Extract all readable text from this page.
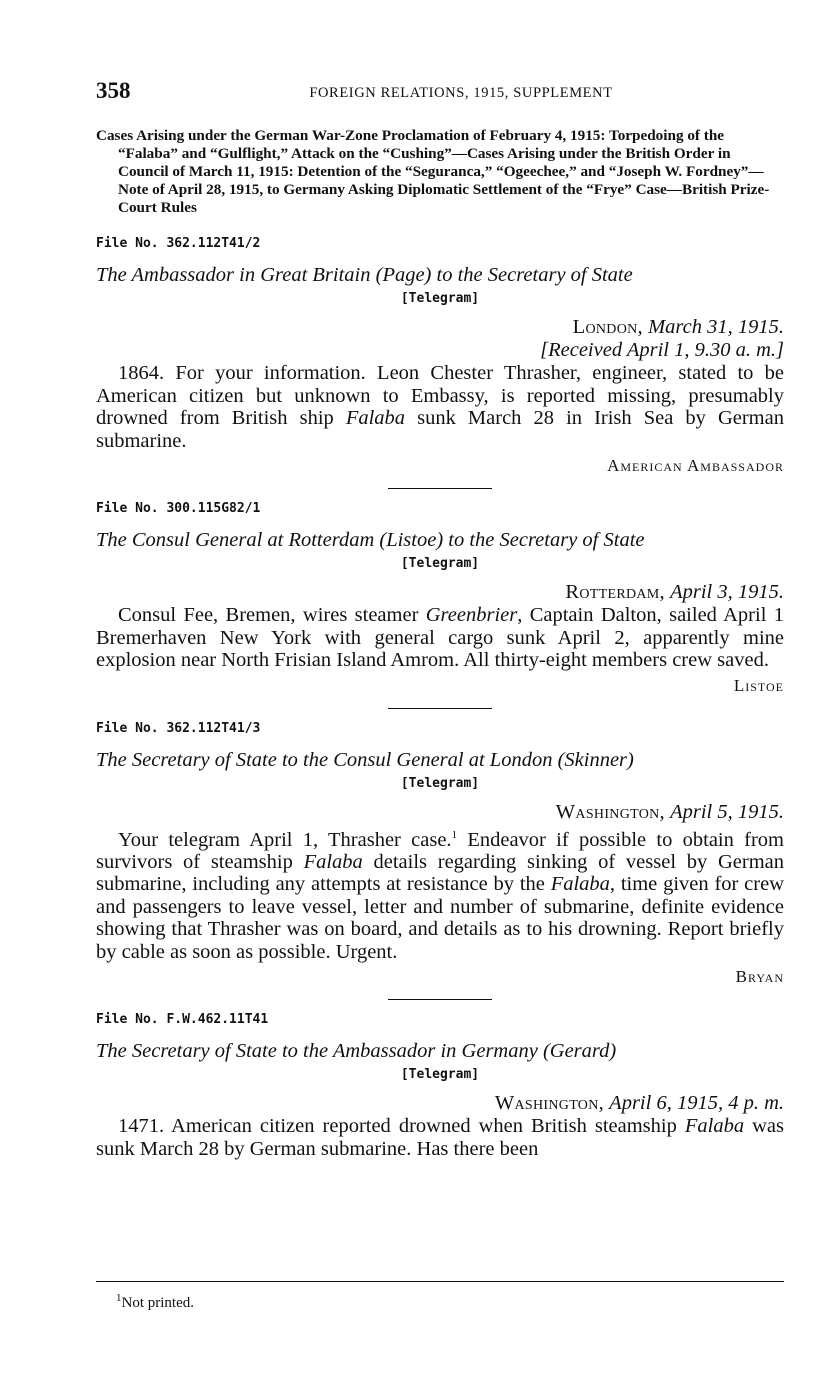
358	FOREIGN RELATIONS, 1915, SUPPLEMENT

Cases Arising under the German War-Zone Proclamation of February 4, 1915: Torpedoing of the “Falaba” and “Gulflight,” Attack on the “Cushing”—Cases Arising under the British Order in Council of March 11, 1915: Detention of the “Seguranca,” “Ogeechee,” and “Joseph W. Fordney”—Note of April 28, 1915, to Germany Asking Diplomatic Settlement of the “Frye” Case—British Prize-Court Rules

File No. 362.112T41/2

The Ambassador in Great Britain (Page) to the Secretary of State

[Telegram]

London, March 31, 1915.

[Received April 1, 9.30 a. m.]

1864. For your information. Leon Chester Thrasher, engineer, stated to be American citizen but unknown to Embassy, is reported missing, presumably drowned from British ship Falaba sunk March 28 in Irish Sea by German submarine.

American Ambassador

File No. 300.115G82/1

The Consul General at Rotterdam (Listoe) to the Secretary of State

[Telegram]

Rotterdam, April 3, 1915.

Consul Fee, Bremen, wires steamer Greenbrier, Captain Dalton, sailed April 1 Bremerhaven New York with general cargo sunk April 2, apparently mine explosion near North Frisian Island Amrom. All thirty-eight members crew saved.

Listoe

File No. 362.112T41/3

The Secretary of State to the Consul General at London (Skinner)

[Telegram]

Washington, April 5, 1915.

Your telegram April 1, Thrasher case.$^1$ Endeavor if possible to obtain from survivors of steamship Falaba details regarding sinking of vessel by German submarine, including any attempts at resistance by the Falaba, time given for crew and passengers to leave vessel, letter and number of submarine, definite evidence showing that Thrasher was on board, and details as to his drowning. Report briefly by cable as soon as possible. Urgent.

Bryan

File No. F.W.462.11T41

The Secretary of State to the Ambassador in Germany (Gerard)

[Telegram]

Washington, April 6, 1915, 4 p. m.

1471. American citizen reported drowned when British steamship Falaba was sunk March 28 by German submarine. Has there been

$^1$Not printed.
